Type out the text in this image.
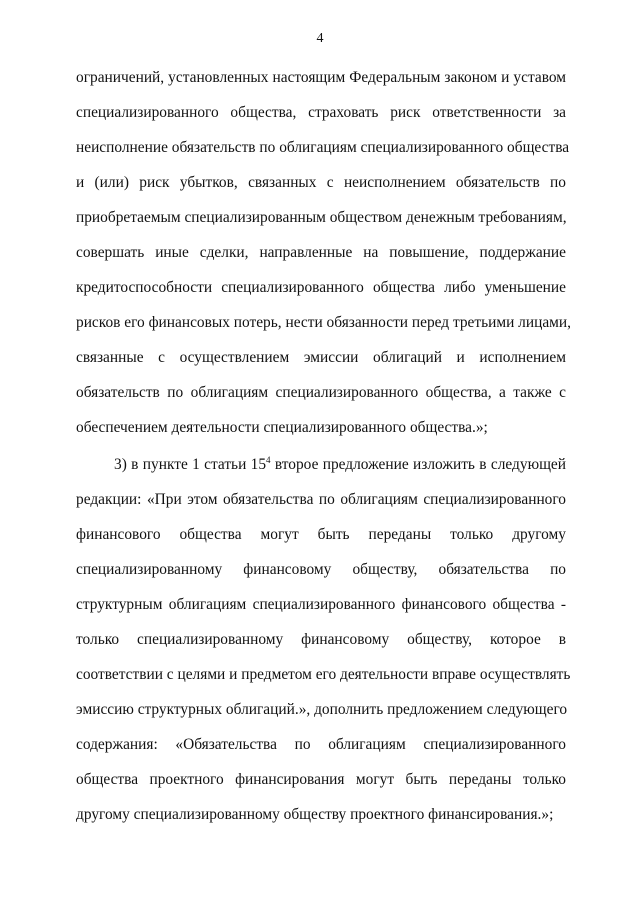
4
ограничений, установленных настоящим Федеральным законом и уставом
специализированного общества, страховать риск ответственности за
неисполнение обязательств по облигациям специализированного общества
и (или) риск убытков, связанных с неисполнением обязательств по
приобретаемым специализированным обществом денежным требованиям,
совершать иные сделки, направленные на повышение, поддержание
кредитоспособности специализированного общества либо уменьшение
рисков его финансовых потерь, нести обязанности перед третьими лицами,
связанные с осуществлением эмиссии облигаций и исполнением
обязательств по облигациям специализированного общества, а также с
обеспечением деятельности специализированного общества.»;
3) в пункте 1 статьи $15^4$ второе предложение изложить в следующей
редакции: «При этом обязательства по облигациям специализированного
финансового общества могут быть переданы только другому
специализированному финансовому обществу, обязательства по
структурным облигациям специализированного финансового общества -
только специализированному финансовому обществу, которое в
соответствии с целями и предметом его деятельности вправе осуществлять
эмиссию структурных облигаций.», дополнить предложением следующего
содержания: «Обязательства по облигациям специализированного
общества проектного финансирования могут быть переданы только
другому специализированному обществу проектного финансирования.»;
